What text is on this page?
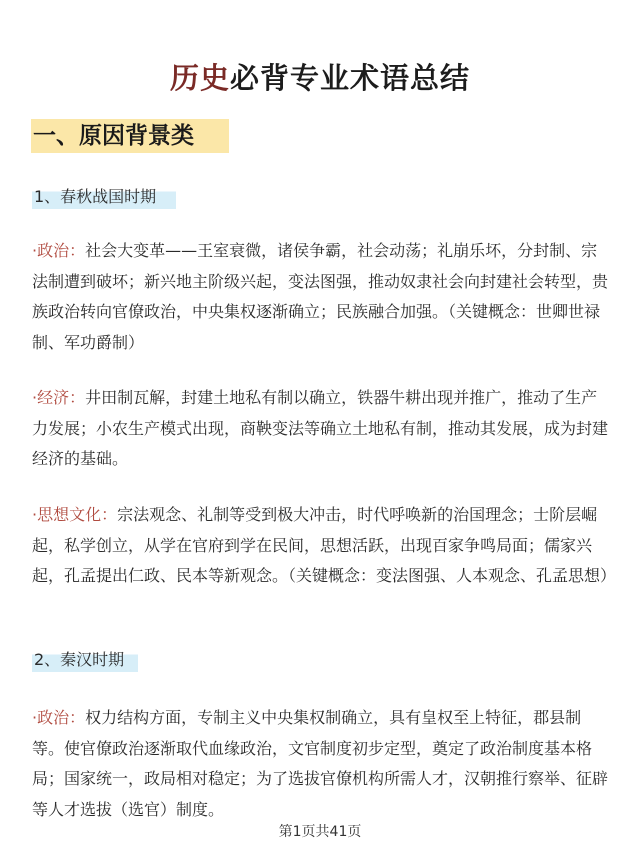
历史必背专业术语总结
一、原因背景类
1、春秋战国时期
·政治：社会大变革——王室衰微，诸侯争霸，社会动荡；礼崩乐坏，分封制、宗法制遭到破坏；新兴地主阶级兴起，变法图强，推动奴隶社会向封建社会转型，贵族政治转向官僚政治，中央集权逐渐确立；民族融合加强。（关键概念：世卿世禄制、军功爵制）
·经济：井田制瓦解，封建土地私有制以确立，铁器牛耕出现并推广，推动了生产力发展；小农生产模式出现，商鞅变法等确立土地私有制，推动其发展，成为封建经济的基础。
·思想文化：宗法观念、礼制等受到极大冲击，时代呼唤新的治国理念；士阶层崛起，私学创立，从学在官府到学在民间，思想活跃，出现百家争鸣局面；儒家兴起，孔孟提出仁政、民本等新观念。（关键概念：变法图强、人本观念、孔孟思想）
2、秦汉时期
·政治：权力结构方面，专制主义中央集权制确立，具有皇权至上特征，郡县制等。使官僚政治逐渐取代血缘政治，文官制度初步定型，奠定了政治制度基本格局；国家统一，政局相对稳定；为了选拔官僚机构所需人才，汉朝推行察举、征辟等人才选拔（选官）制度。
第1页共41页
